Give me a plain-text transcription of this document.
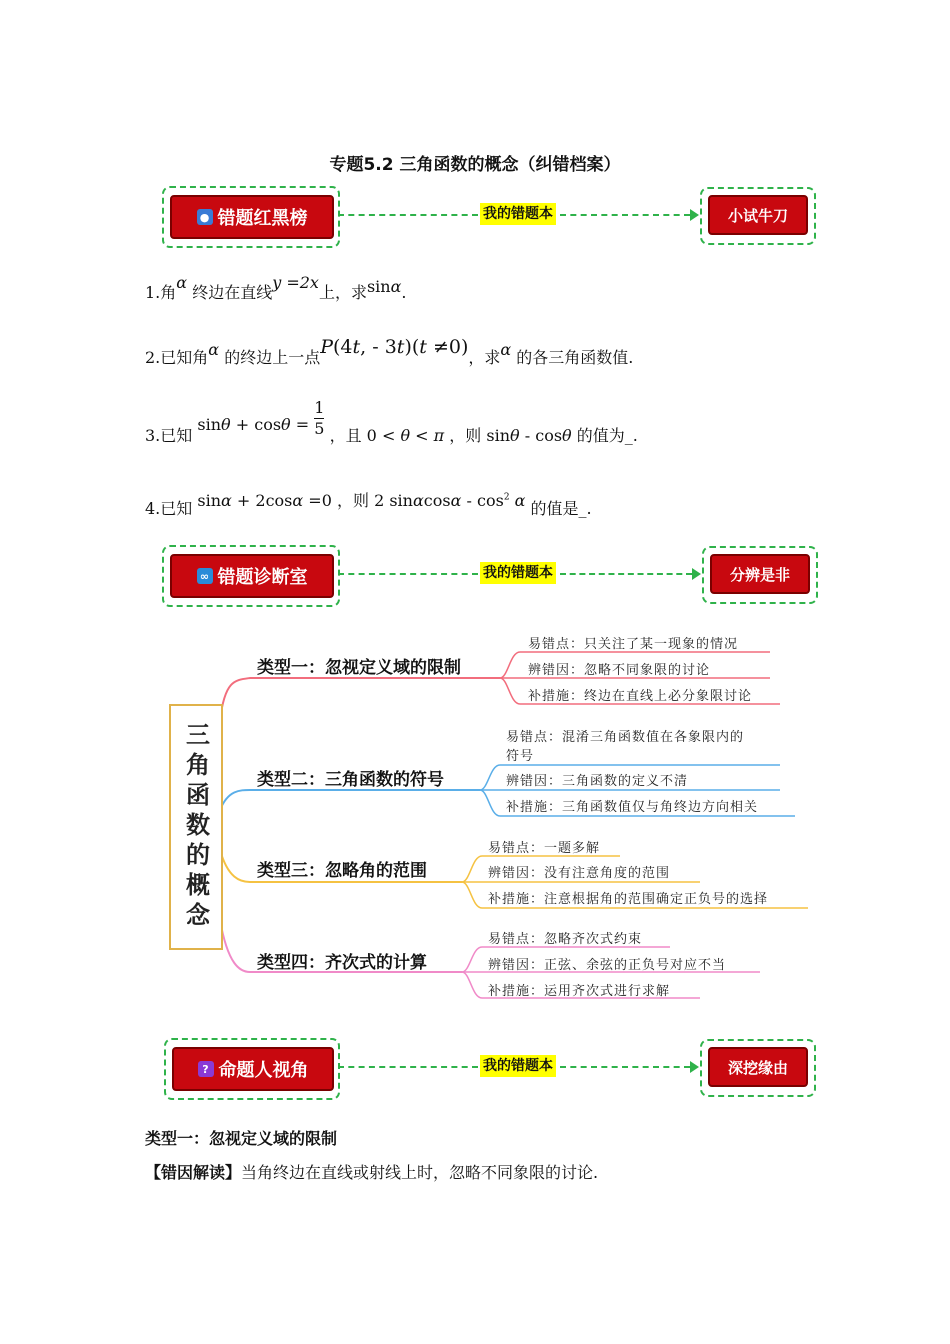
专题5.2 三角函数的概念（纠错档案）
● 错题红黑榜	我的错题本	小试牛刀
1.角α 终边在直线y =2x上，求sinα.
2.已知角α 的终边上一点P(4t, - 3t)(t ≠0)，求α 的各三角函数值.
3.已知 $\sin\theta + \cos\theta = \frac{1}{5}$ ，且 0 < θ < π ，则 sinθ - cosθ 的值为_.
4.已知 sinα + 2cosα =0 ，则 2 sinαcosα - $\cos^2 \alpha$ 的值是_.
∞ 错题诊断室	我的错题本	分辨是非
三角函数的概念
类型一：忽视定义域的限制
易错点：只关注了某一现象的情况
辨错因：忽略不同象限的讨论
补措施：终边在直线上必分象限讨论
类型二：三角函数的符号
易错点：混淆三角函数值在各象限内的
符号
辨错因：三角函数的定义不清
补措施：三角函数值仅与角终边方向相关
类型三：忽略角的范围
易错点：一题多解
辨错因：没有注意角度的范围
补措施：注意根据角的范围确定正负号的选择
类型四：齐次式的计算
易错点：忽略齐次式约束
辨错因：正弦、余弦的正负号对应不当
补措施：运用齐次式进行求解
? 命题人视角	我的错题本	深挖缘由
类型一：忽视定义域的限制
【错因解读】当角终边在直线或射线上时，忽略不同象限的讨论.
